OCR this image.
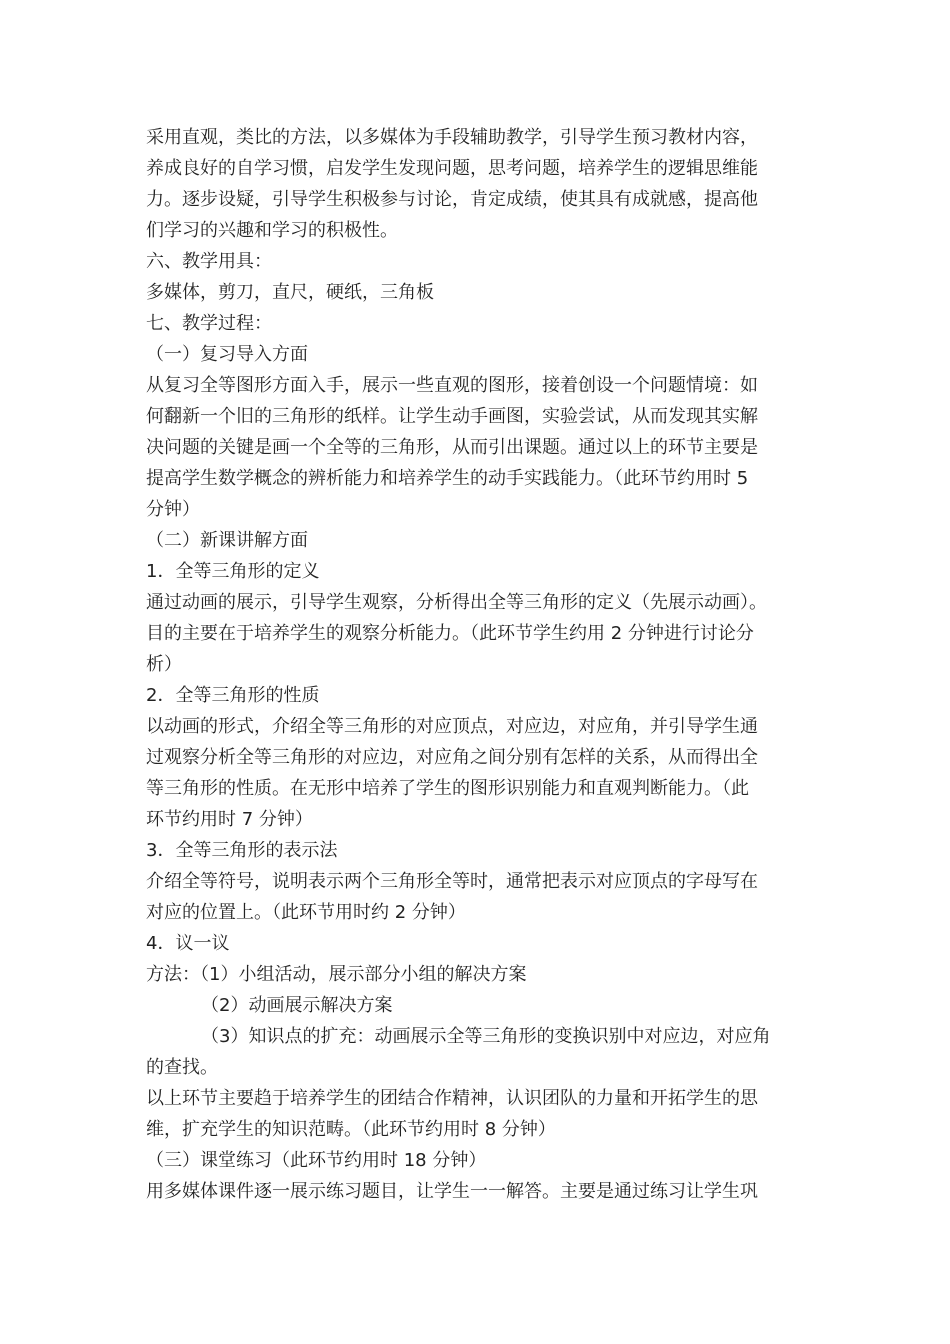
采用直观，类比的方法，以多媒体为手段辅助教学，引导学生预习教材内容，
养成良好的自学习惯，启发学生发现问题，思考问题，培养学生的逻辑思维能
力。逐步设疑，引导学生积极参与讨论，肯定成绩，使其具有成就感，提高他
们学习的兴趣和学习的积极性。
六、教学用具：
多媒体，剪刀，直尺，硬纸，三角板
七、教学过程：
（一）复习导入方面
从复习全等图形方面入手，展示一些直观的图形，接着创设一个问题情境：如
何翻新一个旧的三角形的纸样。让学生动手画图，实验尝试，从而发现其实解
决问题的关键是画一个全等的三角形，从而引出课题。通过以上的环节主要是
提高学生数学概念的辨析能力和培养学生的动手实践能力。（此环节约用时 5
分钟）
（二）新课讲解方面
1．全等三角形的定义
通过动画的展示，引导学生观察，分析得出全等三角形的定义（先展示动画）。
目的主要在于培养学生的观察分析能力。（此环节学生约用 2 分钟进行讨论分
析）
2．全等三角形的性质
以动画的形式，介绍全等三角形的对应顶点，对应边，对应角，并引导学生通
过观察分析全等三角形的对应边，对应角之间分别有怎样的关系，从而得出全
等三角形的性质。在无形中培养了学生的图形识别能力和直观判断能力。（此
环节约用时 7 分钟）
3．全等三角形的表示法
介绍全等符号，说明表示两个三角形全等时，通常把表示对应顶点的字母写在
对应的位置上。（此环节用时约 2 分钟）
4．议一议
方法：（1）小组活动，展示部分小组的解决方案
（2）动画展示解决方案
（3）知识点的扩充：动画展示全等三角形的变换识别中对应边，对应角
的查找。
以上环节主要趋于培养学生的团结合作精神，认识团队的力量和开拓学生的思
维，扩充学生的知识范畴。（此环节约用时 8 分钟）
（三）课堂练习（此环节约用时 18 分钟）
用多媒体课件逐一展示练习题目，让学生一一解答。主要是通过练习让学生巩
